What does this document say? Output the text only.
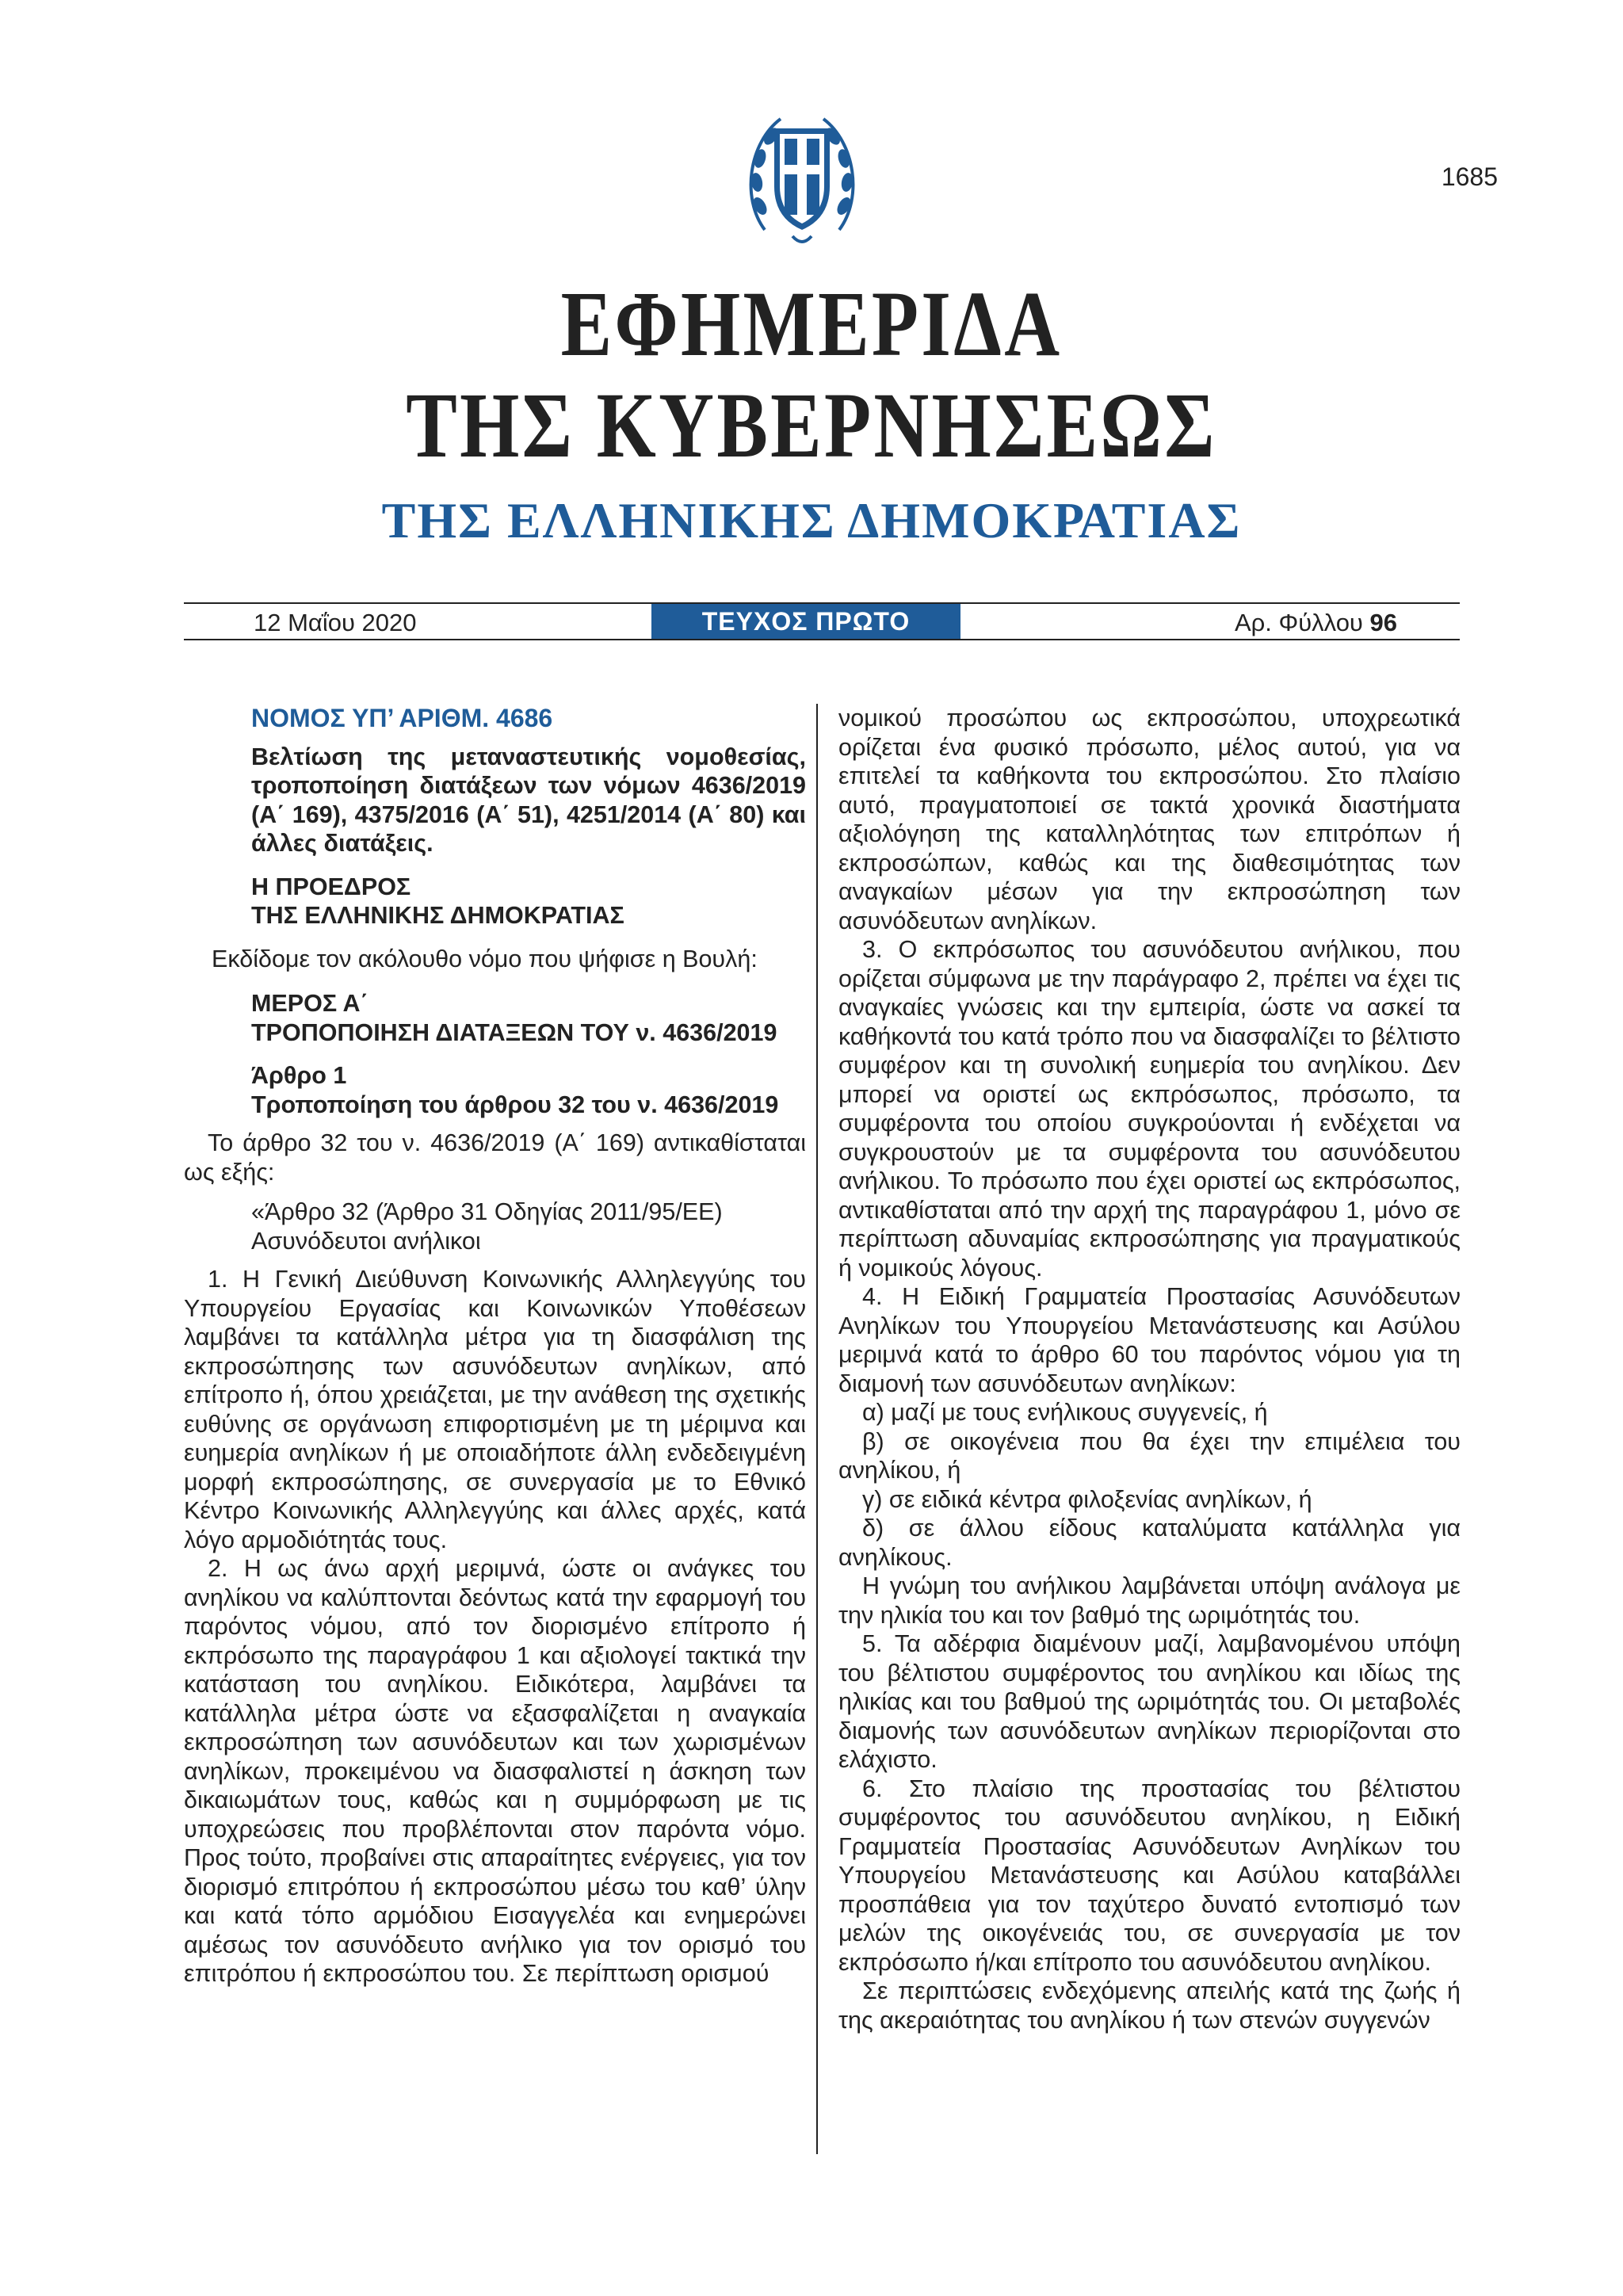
1685
ΕΦΗΜΕΡΙΔΑ
ΤΗΣ ΚΥΒΕΡΝΗΣΕΩΣ
ΤΗΣ ΕΛΛΗΝΙΚΗΣ ΔΗΜΟΚΡΑΤΙΑΣ
12 Μαΐου 2020	ΤΕΥΧΟΣ ΠΡΩΤΟ	Αρ. Φύλλου 96

ΝΟΜΟΣ ΥΠ’ ΑΡΙΘΜ. 4686

Βελτίωση της μεταναστευτικής νομοθεσίας, τροποποίηση διατάξεων των νόμων 4636/2019 (Α΄ 169), 4375/2016 (Α΄ 51), 4251/2014 (Α΄ 80) και άλλες διατάξεις.

Η ΠΡΟΕΔΡΟΣ

ΤΗΣ ΕΛΛΗΝΙΚΗΣ ΔΗΜΟΚΡΑΤΙΑΣ

Εκδίδομε τον ακόλουθο νόμο που ψήφισε η Βουλή:

ΜΕΡΟΣ Α΄

ΤΡΟΠΟΠΟΙΗΣΗ ΔΙΑΤΑΞΕΩΝ ΤΟΥ ν. 4636/2019

Άρθρο 1

Τροποποίηση του άρθρου 32 του ν. 4636/2019

Το άρθρο 32 του ν. 4636/2019 (Α΄ 169) αντικαθίσταται ως εξής:

«Άρθρο 32 (Άρθρο 31 Οδηγίας 2011/95/ΕΕ)

Ασυνόδευτοι ανήλικοι

1. Η Γενική Διεύθυνση Κοινωνικής Αλληλεγγύης του Υπουργείου Εργασίας και Κοινωνικών Υποθέσεων λαμβάνει τα κατάλληλα μέτρα για τη διασφάλιση της εκπροσώπησης των ασυνόδευτων ανηλίκων, από επίτροπο ή, όπου χρειάζεται, με την ανάθεση της σχετικής ευθύνης σε οργάνωση επιφορτισμένη με τη μέριμνα και ευημερία ανηλίκων ή με οποιαδήποτε άλλη ενδεδειγμένη μορφή εκπροσώπησης, σε συνεργασία με το Εθνικό Κέντρο Κοινωνικής Αλληλεγγύης και άλλες αρχές, κατά λόγο αρμοδιότητάς τους.

2. Η ως άνω αρχή μεριμνά, ώστε οι ανάγκες του ανηλίκου να καλύπτονται δεόντως κατά την εφαρμογή του παρόντος νόμου, από τον διορισμένο επίτροπο ή εκπρόσωπο της παραγράφου 1 και αξιολογεί τακτικά την κατάσταση του ανηλίκου. Ειδικότερα, λαμβάνει τα κατάλληλα μέτρα ώστε να εξασφαλίζεται η αναγκαία εκπροσώπηση των ασυνόδευτων και των χωρισμένων ανηλίκων, προκειμένου να διασφαλιστεί η άσκηση των δικαιωμάτων τους, καθώς και η συμμόρφωση με τις υποχρεώσεις που προβλέπονται στον παρόντα νόμο. Προς τούτο, προβαίνει στις απαραίτητες ενέργειες, για τον διορισμό επιτρόπου ή εκπροσώπου μέσω του καθ’ ύλην και κατά τόπο αρμόδιου Εισαγγελέα και ενημερώνει αμέσως τον ασυνόδευτο ανήλικο για τον ορισμό του επιτρόπου ή εκπροσώπου του. Σε περίπτωση ορισμού

νομικού προσώπου ως εκπροσώπου, υποχρεωτικά ορίζεται ένα φυσικό πρόσωπο, μέλος αυτού, για να επιτελεί τα καθήκοντα του εκπροσώπου. Στο πλαίσιο αυτό, πραγματοποιεί σε τακτά χρονικά διαστήματα αξιολόγηση της καταλληλότητας των επιτρόπων ή εκπροσώπων, καθώς και της διαθεσιμότητας των αναγκαίων μέσων για την εκπροσώπηση των ασυνόδευτων ανηλίκων.

3. Ο εκπρόσωπος του ασυνόδευτου ανήλικου, που ορίζεται σύμφωνα με την παράγραφο 2, πρέπει να έχει τις αναγκαίες γνώσεις και την εμπειρία, ώστε να ασκεί τα καθήκοντά του κατά τρόπο που να διασφαλίζει το βέλτιστο συμφέρον και τη συνολική ευημερία του ανηλίκου. Δεν μπορεί να οριστεί ως εκπρόσωπος, πρόσωπο, τα συμφέροντα του οποίου συγκρούονται ή ενδέχεται να συγκρουστούν με τα συμφέροντα του ασυνόδευτου ανήλικου. Το πρόσωπο που έχει οριστεί ως εκπρόσωπος, αντικαθίσταται από την αρχή της παραγράφου 1, μόνο σε περίπτωση αδυναμίας εκπροσώπησης για πραγματικούς ή νομικούς λόγους.

4. Η Ειδική Γραμματεία Προστασίας Ασυνόδευτων Ανηλίκων του Υπουργείου Μετανάστευσης και Ασύλου μεριμνά κατά το άρθρο 60 του παρόντος νόμου για τη διαμονή των ασυνόδευτων ανηλίκων:

α) μαζί με τους ενήλικους συγγενείς, ή

β) σε οικογένεια που θα έχει την επιμέλεια του ανηλίκου, ή

γ) σε ειδικά κέντρα φιλοξενίας ανηλίκων, ή

δ) σε άλλου είδους καταλύματα κατάλληλα για ανηλίκους.

Η γνώμη του ανήλικου λαμβάνεται υπόψη ανάλογα με την ηλικία του και τον βαθμό της ωριμότητάς του.

5. Τα αδέρφια διαμένουν μαζί, λαμβανομένου υπόψη του βέλτιστου συμφέροντος του ανηλίκου και ιδίως της ηλικίας και του βαθμού της ωριμότητάς του. Οι μεταβολές διαμονής των ασυνόδευτων ανηλίκων περιορίζονται στο ελάχιστο.

6. Στο πλαίσιο της προστασίας του βέλτιστου συμφέροντος του ασυνόδευτου ανηλίκου, η Ειδική Γραμματεία Προστασίας Ασυνόδευτων Ανηλίκων του Υπουργείου Μετανάστευσης και Ασύλου καταβάλλει προσπάθεια για τον ταχύτερο δυνατό εντοπισμό των μελών της οικογένειάς του, σε συνεργασία με τον εκπρόσωπο ή/και επίτροπο του ασυνόδευτου ανηλίκου.

Σε περιπτώσεις ενδεχόμενης απειλής κατά της ζωής ή της ακεραιότητας του ανηλίκου ή των στενών συγγενών
